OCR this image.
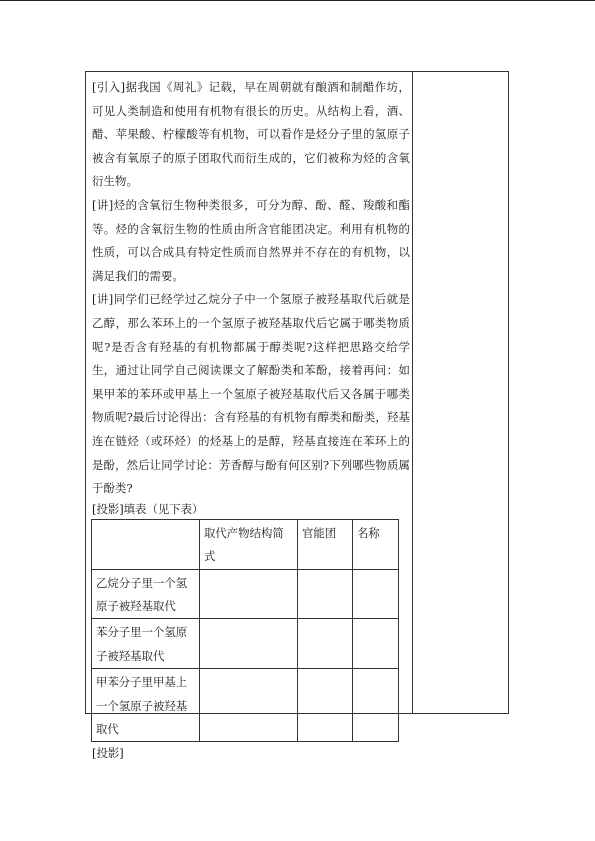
[引入]据我国《周礼》记载，早在周朝就有酿酒和制醋作坊，可见人类制造和使用有机物有很长的历史。从结构上看，酒、醋、苹果酸、柠檬酸等有机物，可以看作是烃分子里的氢原子被含有氧原子的原子团取代而衍生成的，它们被称为烃的含氧衍生物。

[讲]烃的含氧衍生物种类很多，可分为醇、酚、醛、羧酸和酯等。烃的含氧衍生物的性质由所含官能团决定。利用有机物的性质，可以合成具有特定性质而自然界并不存在的有机物，以满足我们的需要。

[讲]同学们已经学过乙烷分子中一个氢原子被羟基取代后就是乙醇，那么苯环上的一个氢原子被羟基取代后它属于哪类物质呢?是否含有羟基的有机物都属于醇类呢?这样把思路交给学生，通过让同学自己阅读课文了解酚类和苯酚，接着再问：如果甲苯的苯环或甲基上一个氢原子被羟基取代后又各属于哪类物质呢?最后讨论得出：含有羟基的有机物有醇类和酚类，羟基连在链烃（或环烃）的烃基上的是醇，羟基直接连在苯环上的是酚，然后让同学讨论：芳香醇与酚有何区别?下列哪些物质属于酚类?

[投影]填表（见下表）

	取代产物结构简式	官能团	名称
乙烷分子里一个氢原子被羟基取代			
苯分子里一个氢原子被羟基取代			
甲苯分子里甲基上一个氢原子被羟基取代			

[投影]
